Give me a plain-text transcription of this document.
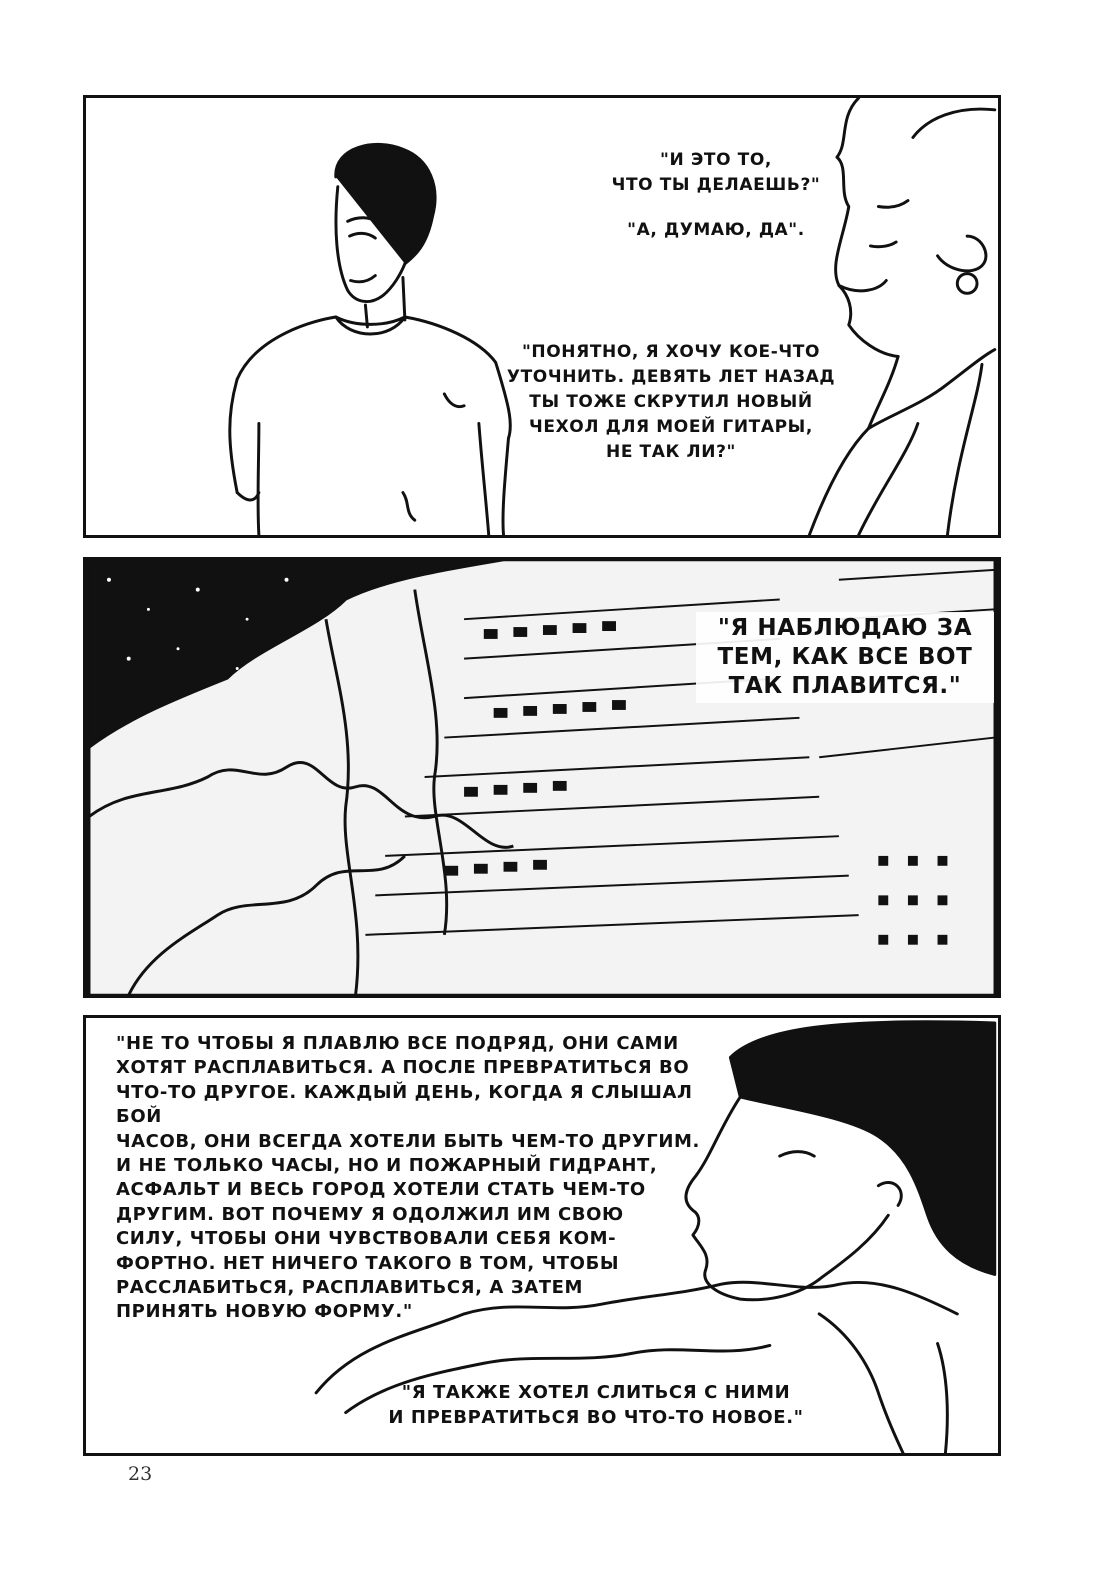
"И ЭТО ТО,
ЧТО ТЫ ДЕЛАЕШЬ?"
"А, ДУМАЮ, ДА".
"ПОНЯТНО, Я ХОЧУ КОЕ-ЧТО
УТОЧНИТЬ. ДЕВЯТЬ ЛЕТ НАЗАД
ТЫ ТОЖЕ СКРУТИЛ НОВЫЙ
ЧЕХОЛ ДЛЯ МОЕЙ ГИТАРЫ,
НЕ ТАК ЛИ?"
"Я НАБЛЮДАЮ ЗА
ТЕМ, КАК ВСЕ ВОТ
ТАК ПЛАВИТСЯ."
"НЕ ТО ЧТОБЫ Я ПЛАВЛЮ ВСЕ ПОДРЯД, ОНИ САМИ
ХОТЯТ РАСПЛАВИТЬСЯ. А ПОСЛЕ ПРЕВРАТИТЬСЯ ВО
ЧТО-ТО ДРУГОЕ. КАЖДЫЙ ДЕНЬ, КОГДА Я СЛЫШАЛ БОЙ
ЧАСОВ, ОНИ ВСЕГДА ХОТЕЛИ БЫТЬ ЧЕМ-ТО ДРУГИМ.
И НЕ ТОЛЬКО ЧАСЫ, НО И ПОЖАРНЫЙ ГИДРАНТ,
АСФАЛЬТ И ВЕСЬ ГОРОД ХОТЕЛИ СТАТЬ ЧЕМ-ТО
ДРУГИМ. ВОТ ПОЧЕМУ Я ОДОЛЖИЛ ИМ СВОЮ
СИЛУ, ЧТОБЫ ОНИ ЧУВСТВОВАЛИ СЕБЯ КОМ-
ФОРТНО. НЕТ НИЧЕГО ТАКОГО В ТОМ, ЧТОБЫ
РАССЛАБИТЬСЯ, РАСПЛАВИТЬСЯ, А ЗАТЕМ
ПРИНЯТЬ НОВУЮ ФОРМУ."
"Я ТАКЖЕ ХОТЕЛ СЛИТЬСЯ С НИМИ
И ПРЕВРАТИТЬСЯ ВО ЧТО-ТО НОВОЕ."
23
